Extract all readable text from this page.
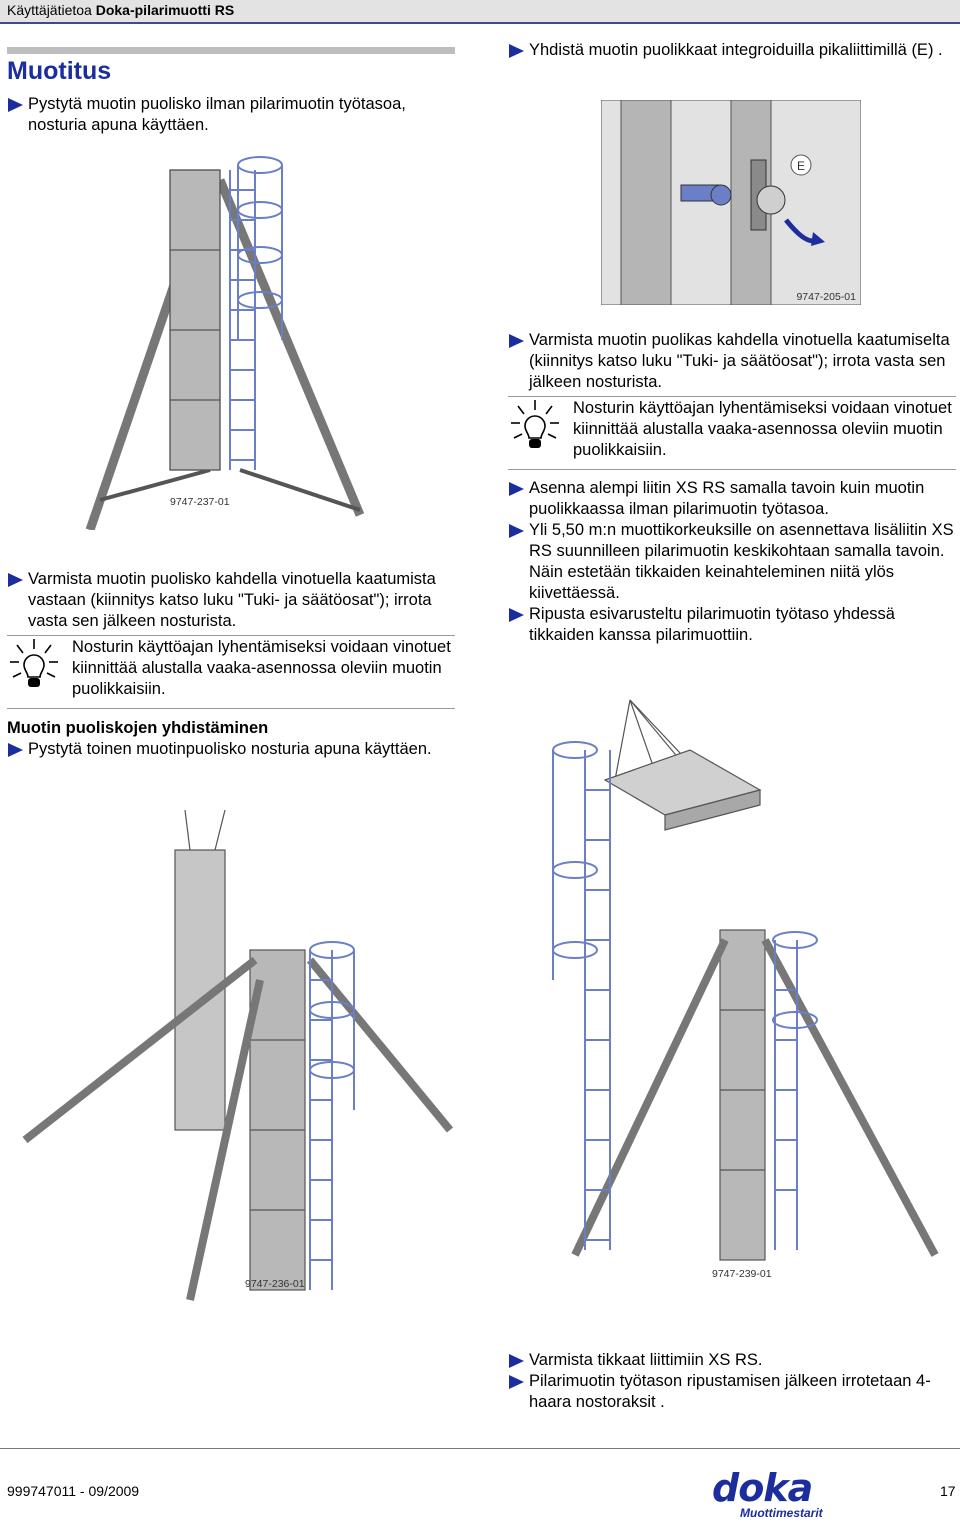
Käyttäjätietoa Doka-pilarimuotti RS
Muotitus
Pystytä muotin puolisko ilman pilarimuotin työtasoa, nosturia apuna käyttäen.
9747-237-01
Varmista muotin puolisko kahdella vinotuella kaatumista vastaan (kiinnitys katso luku "Tuki- ja säätöosat"); irrota vasta sen jälkeen nosturista.
Nosturin käyttöajan lyhentämiseksi voidaan vinotuet kiinnittää alustalla vaaka-asennossa oleviin muotin puolikkaisiin.
Muotin puoliskojen yhdistäminen
Pystytä toinen muotinpuolisko nosturia apuna käyttäen.
9747-236-01
Yhdistä muotin puolikkaat integroiduilla pikaliittimillä (E) .
E
9747-205-01
Varmista muotin puolikas kahdella vinotuella kaatumiselta (kiinnitys katso luku "Tuki- ja säätöosat"); irrota vasta sen jälkeen nosturista.
Nosturin käyttöajan lyhentämiseksi voidaan vinotuet kiinnittää alustalla vaaka-asennossa oleviin muotin puolikkaisiin.
Asenna alempi liitin XS RS samalla tavoin kuin muotin puolikkaassa ilman pilarimuotin työtasoa.
Yli 5,50 m:n muottikorkeuksille on asennettava lisäliitin XS RS suunnilleen pilarimuotin keskikohtaan samalla tavoin.
Näin estetään tikkaiden keinahteleminen niitä ylös kiivettäessä.
Ripusta esivarusteltu pilarimuotin työtaso yhdessä tikkaiden kanssa pilarimuottiin.
9747-239-01
Varmista tikkaat liittimiin XS RS.
Pilarimuotin työtason ripustamisen jälkeen irrotetaan 4-haara nostoraksit .
999747011 - 09/2009	doka
Muottimestarit
17
